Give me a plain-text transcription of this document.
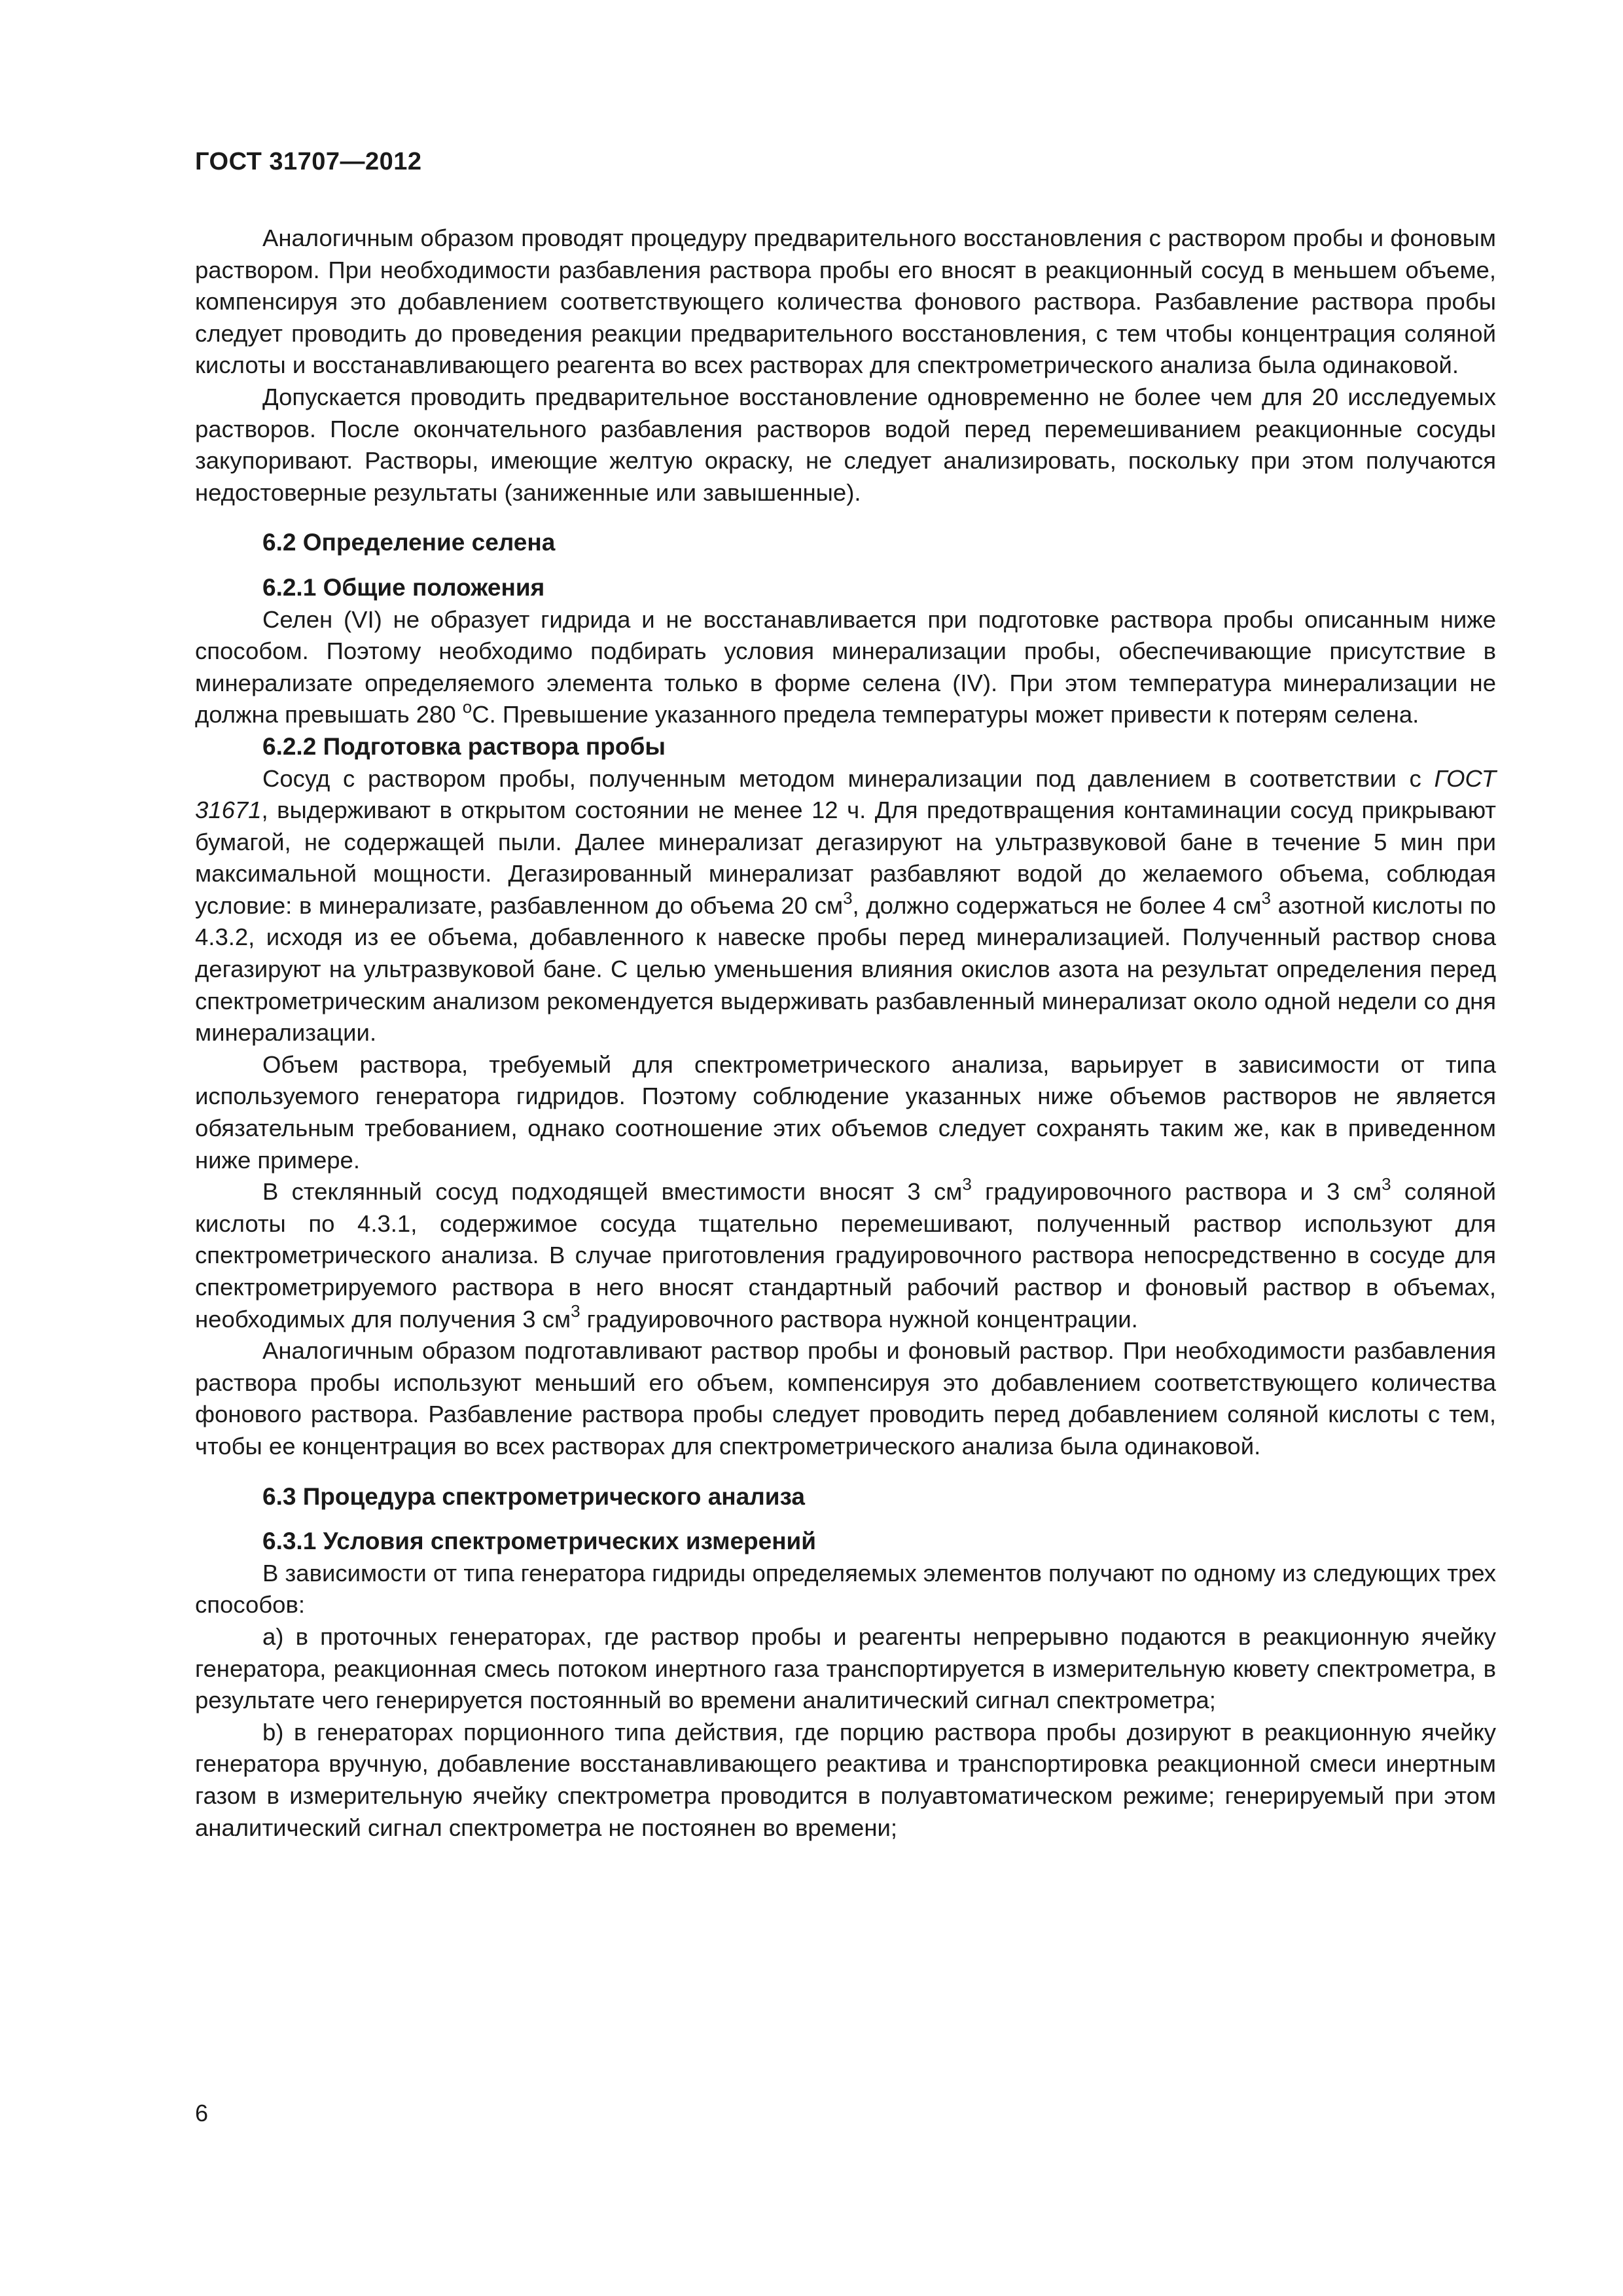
ГОСТ 31707—2012

Аналогичным образом проводят процедуру предварительного восстановления с раствором пробы и фоновым раствором. При необходимости разбавления раствора пробы его вносят в реакционный сосуд в меньшем объеме, компенсируя это добавлением соответствующего количества фонового раствора. Разбавление раствора пробы следует проводить до проведения реакции предварительного восстановления, с тем чтобы концентрация соляной кислоты и восстанавливающего реагента во всех растворах для спектрометрического анализа была одинаковой.

Допускается проводить предварительное восстановление одновременно не более чем для 20 исследуемых растворов. После окончательного разбавления растворов водой перед перемешиванием реакционные сосуды закупоривают. Растворы, имеющие желтую окраску, не следует анализировать, поскольку при этом получаются недостоверные результаты (заниженные или завышенные).

6.2 Определение селена
6.2.1 Общие положения

Селен (VI) не образует гидрида и не восстанавливается при подготовке раствора пробы описанным ниже способом. Поэтому необходимо подбирать условия минерализации пробы, обеспечивающие присутствие в минерализате определяемого элемента только в форме селена (IV). При этом температура минерализации не должна превышать 280 $^о$С. Превышение указанного предела температуры может привести к потерям селена.

6.2.2 Подготовка раствора пробы

Сосуд с раствором пробы, полученным методом минерализации под давлением в соответствии с ГОСТ 31671, выдерживают в открытом состоянии не менее 12 ч. Для предотвращения контаминации сосуд прикрывают бумагой, не содержащей пыли. Далее минерализат дегазируют на ультразвуковой бане в течение 5 мин при максимальной мощности. Дегазированный минерализат разбавляют водой до желаемого объема, соблюдая условие: в минерализате, разбавленном до объема 20 $см^3$, должно содержаться не более 4 $см^3$ азотной кислоты по 4.3.2, исходя из ее объема, добавленного к навеске пробы перед минерализацией. Полученный раствор снова дегазируют на ультразвуковой бане. С целью уменьшения влияния окислов азота на результат определения перед спектрометрическим анализом рекомендуется выдерживать разбавленный минерализат около одной недели со дня минерализации.

Объем раствора, требуемый для спектрометрического анализа, варьирует в зависимости от типа используемого генератора гидридов. Поэтому соблюдение указанных ниже объемов растворов не является обязательным требованием, однако соотношение этих объемов следует сохранять таким же, как в приведенном ниже примере.

В стеклянный сосуд подходящей вместимости вносят 3 $см^3$ градуировочного раствора и 3 $см^3$ соляной кислоты по 4.3.1, содержимое сосуда тщательно перемешивают, полученный раствор используют для спектрометрического анализа. В случае приготовления градуировочного раствора непосредственно в сосуде для спектрометрируемого раствора в него вносят стандартный рабочий раствор и фоновый раствор в объемах, необходимых для получения 3 $см^3$ градуировочного раствора нужной концентрации.

Аналогичным образом подготавливают раствор пробы и фоновый раствор. При необходимости разбавления раствора пробы используют меньший его объем, компенсируя это добавлением соответствующего количества фонового раствора. Разбавление раствора пробы следует проводить перед добавлением соляной кислоты с тем, чтобы ее концентрация во всех растворах для спектрометрического анализа была одинаковой.

6.3 Процедура спектрометрического анализа
6.3.1 Условия спектрометрических измерений

В зависимости от типа генератора гидриды определяемых элементов получают по одному из следующих трех способов:

a) в проточных генераторах, где раствор пробы и реагенты непрерывно подаются в реакционную ячейку генератора, реакционная смесь потоком инертного газа транспортируется в измерительную кювету спектрометра, в результате чего генерируется постоянный во времени аналитический сигнал спектрометра;

b) в генераторах порционного типа действия, где порцию раствора пробы дозируют в реакционную ячейку генератора вручную, добавление восстанавливающего реактива и транспортировка реакционной смеси инертным газом в измерительную ячейку спектрометра проводится в полуавтоматическом режиме; генерируемый при этом аналитический сигнал спектрометра не постоянен во времени;

6
